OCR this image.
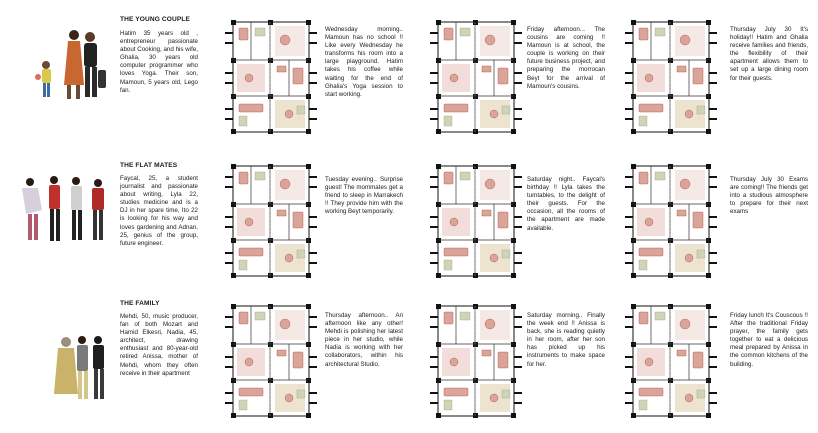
THE YOUNG COUPLE
Hatim 35 years old , entrepreneur passionate about Cooking, and his wife, Ghalia, 30 years old computer programmer who loves Yoga. Their son, Mamoun, 5 years old, Lego fan.
Wednesday morning.. Mamoun has no school !! Like every Wednesday he transforms his room into a large playground. Hatim takes his coffee while waiting for the end of Ghalia's Yoga session to start working.
Friday afternoon... The cousins are coming !! Mamoun is at school, the couple is working on their future business project, and preparing the morrocan Beyt for the arrival of Mamoun's cousins.
Thursday July 30 It's holiday!! Hatim and Ghalia receive families and friends, the flexibility of their apartment allows them to set up a large dining room for their guests.
THE FLAT MATES
Faycal, 25, a student journalist and passionate about writing, Lyla 22, studies medicine and is a DJ in her spare time, Ito 22 is looking for his way and loves gardening and Adnan, 25, genius of the group, future engineer.
Tuesday evening.. Surprise guest! The mommates get a friend to sleep in Marrakech !! They provide him with the working Beyt temporarily.
Saturday night.. Faycal's birthday !! Lyla takes the tumtables, to the delight of their guests. For the occasion, all the rooms of the apartment are made available.
Thursday July 30 Exams are coming!! The friends get into a studious atmosphere to prepare for their next exams
THE FAMILY
Mehdi, 50, music producer, fan of both Mozart and Hamid Elkesri, Nadia, 45, architect, drawing enthusiast and 80-year-old retired Anissa, mother of Mehdi, whom they often receive in their apartment
Thursday afternoon.. An afternoon like any other! Mehdi is polishing her latest piece in her studio, while Nadia is working with her collaborators, within his architectural Studio.
Saturday morning.. Finally the week end !! Anissa is back, she is reading quietly in her room, after her son has picked up his instruments to make space for her.
Friday lunch It's Couscous !! After the traditional Friday prayer, the family gets together to eat a delicious meal prepared by Anissa in the common kitchens of the building.
